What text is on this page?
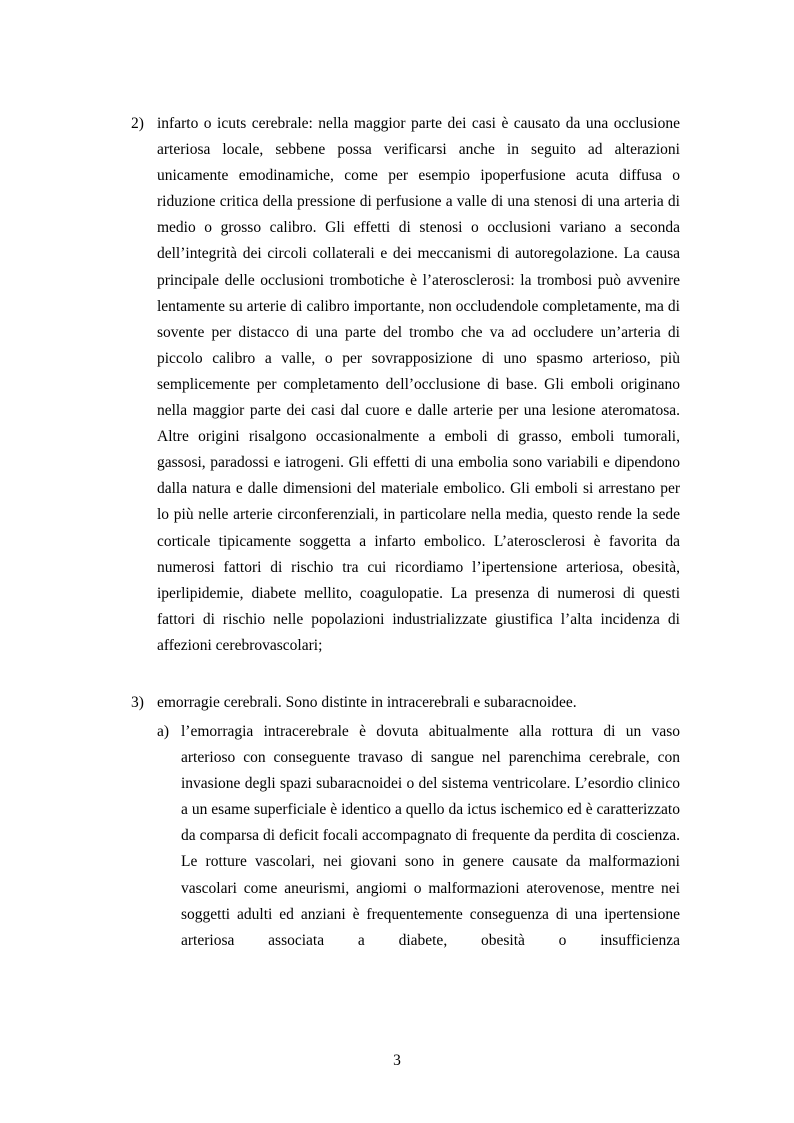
2) infarto o icuts cerebrale: nella maggior parte dei casi è causato da una occlusione arteriosa locale, sebbene possa verificarsi anche in seguito ad alterazioni unicamente emodinamiche, come per esempio ipoperfusione acuta diffusa o riduzione critica della pressione di perfusione a valle di una stenosi di una arteria di medio o grosso calibro. Gli effetti di stenosi o occlusioni variano a seconda dell’integrità dei circoli collaterali e dei meccanismi di autoregolazione. La causa principale delle occlusioni trombotiche è l’aterosclerosi: la trombosi può avvenire lentamente su arterie di calibro importante, non occludendole completamente, ma di sovente per distacco di una parte del trombo che va ad occludere un’arteria di piccolo calibro a valle, o per sovrapposizione di uno spasmo arterioso, più semplicemente per completamento dell’occlusione di base. Gli emboli originano nella maggior parte dei casi dal cuore e dalle arterie per una lesione ateromatosa. Altre origini risalgono occasionalmente a emboli di grasso, emboli tumorali, gassosi, paradossi e iatrogeni. Gli effetti di una embolia sono variabili e dipendono dalla natura e dalle dimensioni del materiale embolico. Gli emboli si arrestano per lo più nelle arterie circonferenziali, in particolare nella media, questo rende la sede corticale tipicamente soggetta a infarto embolico. L’aterosclerosi è favorita da numerosi fattori di rischio tra cui ricordiamo l’ipertensione arteriosa, obesità, iperlipidemie, diabete mellito, coagulopatie. La presenza di numerosi di questi fattori di rischio nelle popolazioni industrializzate giustifica l’alta incidenza di affezioni cerebrovascolari;
3) emorragie cerebrali. Sono distinte in intracerebrali e subaracnoidee.
a) l’emorragia intracerebrale è dovuta abitualmente alla rottura di un vaso arterioso con conseguente travaso di sangue nel parenchima cerebrale, con invasione degli spazi subaracnoidei o del sistema ventricolare. L’esordio clinico a un esame superficiale è identico a quello da ictus ischemico ed è caratterizzato da comparsa di deficit focali accompagnato di frequente da perdita di coscienza. Le rotture vascolari, nei giovani sono in genere causate da malformazioni vascolari come aneurismi, angiomi o malformazioni aterovenose, mentre nei soggetti adulti ed anziani è frequentemente conseguenza di una ipertensione arteriosa associata a diabete, obesità o insufficienza
3
